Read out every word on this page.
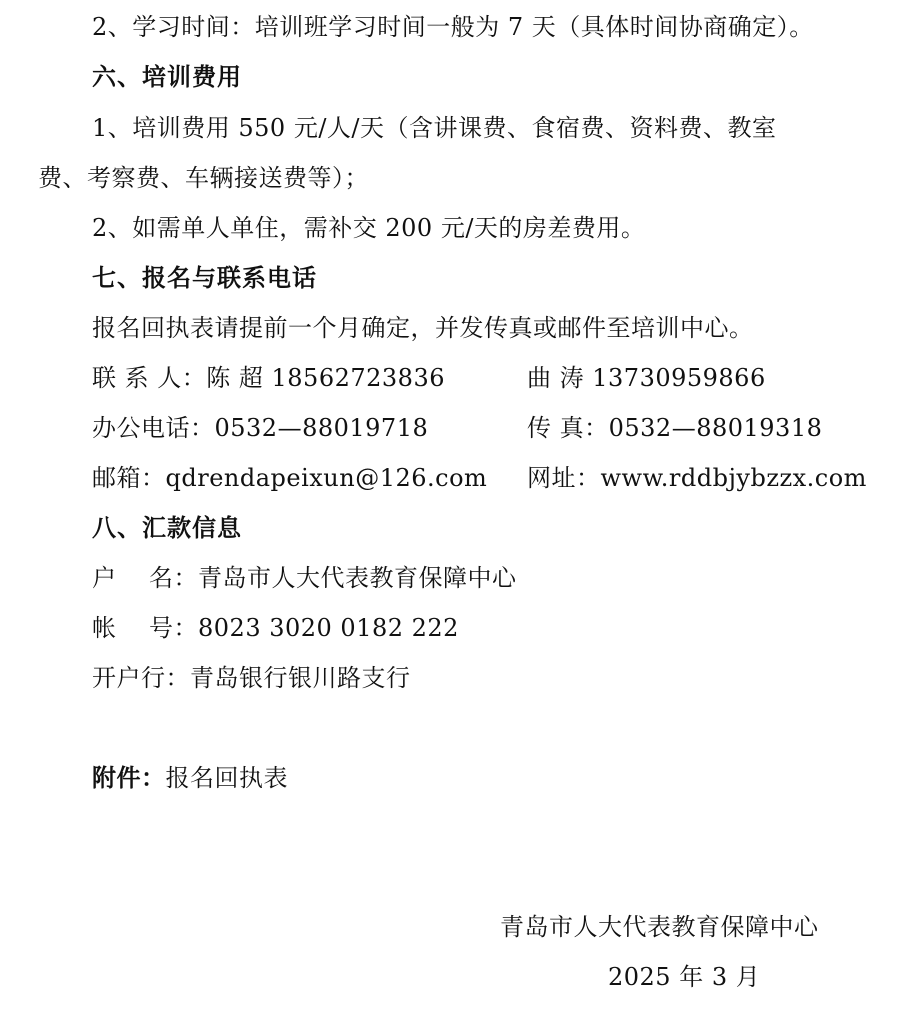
2、学习时间：培训班学习时间一般为 7 天（具体时间协商确定）。
六、培训费用
1、培训费用 550 元/人/天（含讲课费、食宿费、资料费、教室
费、考察费、车辆接送费等）；
2、如需单人单住，需补交 200 元/天的房差费用。
七、报名与联系电话
报名回执表请提前一个月确定，并发传真或邮件至培训中心。
联 系 人：陈 超 18562723836	曲 涛 13730959866
办公电话：0532—88019718	传 真：0532—88019318
邮箱：qdrendapeixun@126.com 网址：www.rddbjybzzx.com
八、汇款信息
户    名：青岛市人大代表教育保障中心
帐    号：8023 3020 0182 222
开户行：青岛银行银川路支行
附件：报名回执表
青岛市人大代表教育保障中心
2025 年 3 月
